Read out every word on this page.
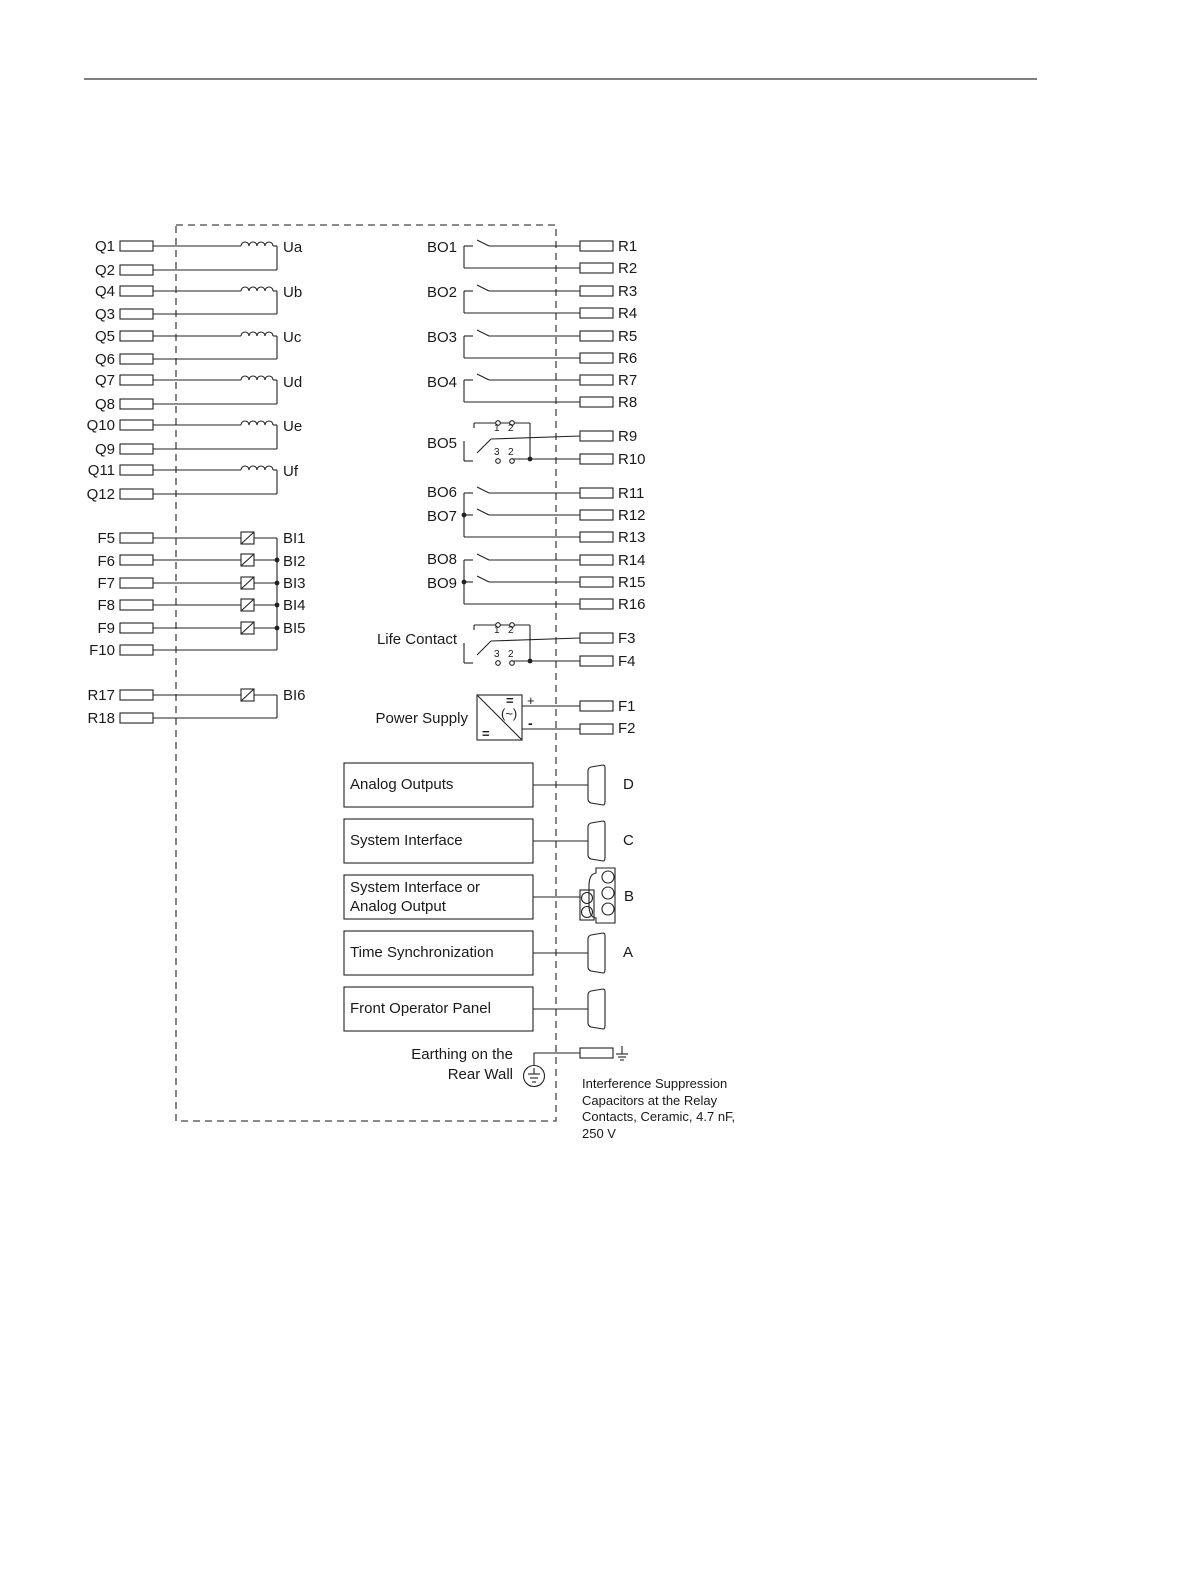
Q1
Q2
Q4
Q3
Q5
Q6
Q7
Q8
Q10
Q9
Q11
Q12
F5
F6
F7
F8
F9
F10
R17
R18
Ua
Ub
Uc
Ud
Ue
Uf
BI1
BI2
BI3
BI4
BI5
BI6
BO1
BO2
BO3
BO4
BO5
BO6
BO7
BO8
BO9
R1
R2
R3
R4
R5
R6
R7
R8
R9
R10
R11
R12
R13
R14
R15
R16
F3
F4
F1
F2
1 2
3 2
1 2
3 2
Life Contact
Power Supply
+
-
=
(~)
=
Analog Outputs
System Interface
System Interface or
Analog Output
Time Synchronization
Front Operator Panel
D
C
B
A
Earthing on the
Rear Wall
Interference Suppression
Capacitors at the Relay
Contacts, Ceramic, 4.7 nF,
250 V
